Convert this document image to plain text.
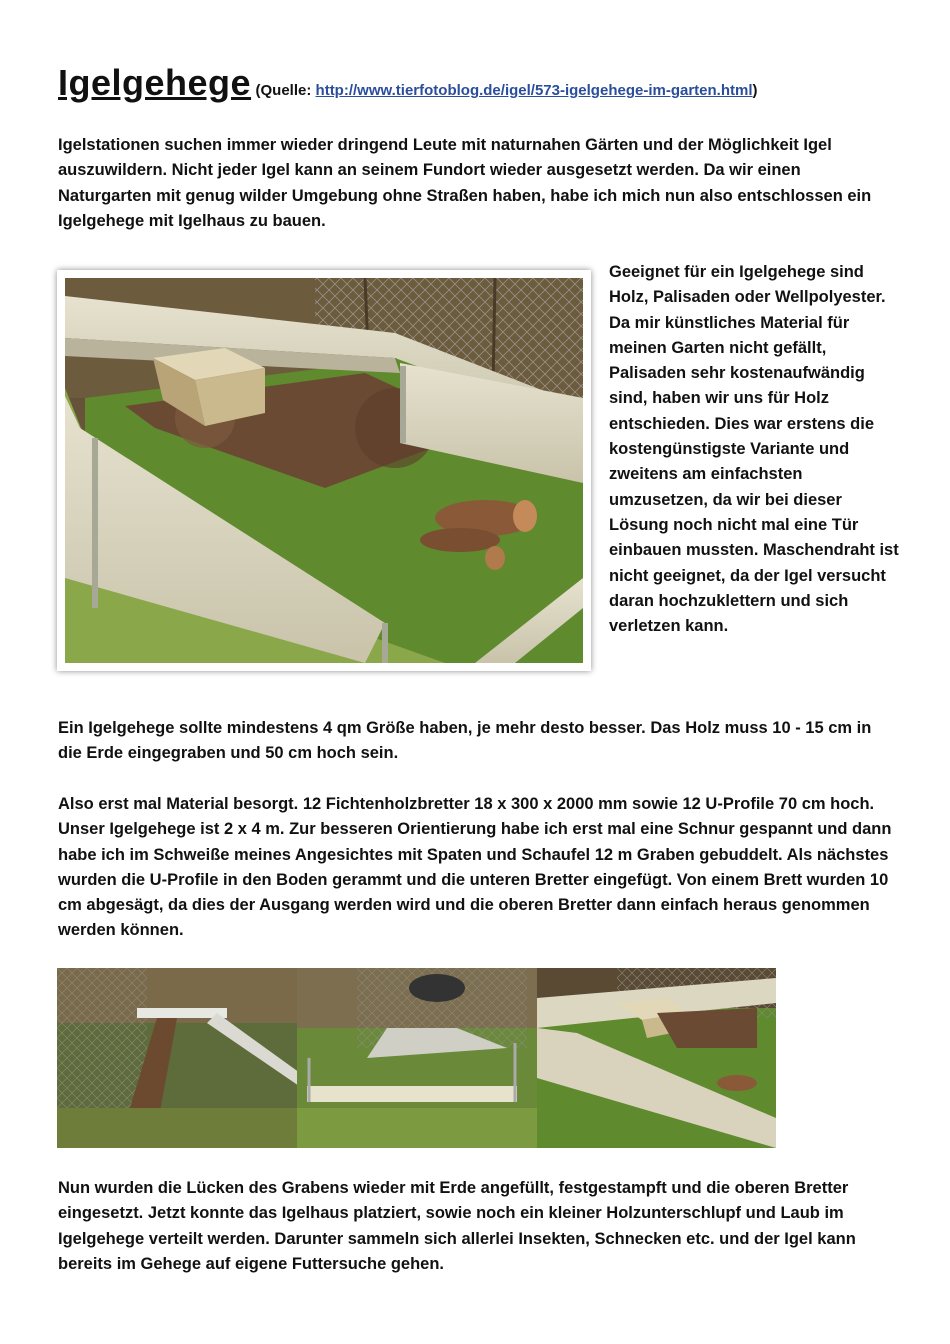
Igelgehege (Quelle: http://www.tierfotoblog.de/igel/573-igelgehege-im-garten.html)

Igelstationen suchen immer wieder dringend Leute mit naturnahen Gärten und der Möglichkeit Igel auszuwildern. Nicht jeder Igel kann an seinem Fundort wieder ausgesetzt werden. Da wir einen Naturgarten mit genug wilder Umgebung ohne Straßen haben, habe ich mich nun also entschlossen ein Igelgehege mit Igelhaus zu bauen.

Geeignet für ein Igelgehege sind Holz, Palisaden oder Wellpolyester. Da mir künstliches Material für meinen Garten nicht gefällt, Palisaden sehr kostenaufwändig sind, haben wir uns für Holz entschieden. Dies war erstens die kostengünstigste Variante und zweitens am einfachsten umzusetzen, da wir bei dieser Lösung noch nicht mal eine Tür einbauen mussten. Maschendraht ist nicht geeignet, da der Igel versucht daran hochzuklettern und sich verletzen kann.

Ein Igelgehege sollte mindestens 4 qm Größe haben, je mehr desto besser. Das Holz muss 10 - 15 cm in die Erde eingegraben und 50 cm hoch sein.

Also erst mal Material besorgt. 12 Fichtenholzbretter 18 x 300 x 2000 mm sowie 12 U-Profile 70 cm hoch. Unser Igelgehege ist 2 x 4 m. Zur besseren Orientierung habe ich erst mal eine Schnur gespannt und dann habe ich im Schweiße meines Angesichtes mit Spaten und Schaufel 12 m Graben gebuddelt. Als nächstes wurden die U-Profile in den Boden gerammt und die unteren Bretter eingefügt. Von einem Brett wurden 10 cm abgesägt, da dies der Ausgang werden wird und die oberen Bretter dann einfach heraus genommen werden können.

Nun wurden die Lücken des Grabens wieder mit Erde angefüllt, festgestampft und die oberen Bretter eingesetzt. Jetzt konnte das Igelhaus platziert, sowie noch ein kleiner Holzunterschlupf und Laub im Igelgehege verteilt werden. Darunter sammeln sich allerlei Insekten, Schnecken etc. und der Igel kann bereits im Gehege auf eigene Futtersuche gehen.
